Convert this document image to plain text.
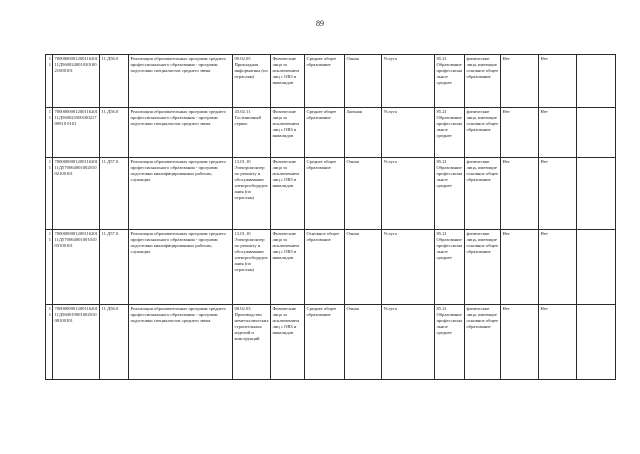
89
11	700000000120011620111Д56002400102010021000101	11.Д56.0	Реализация образовательных программ среднего профессионального образования - программ подготовки специалистов среднего звена	09.02.05 Прикладная информатика (по отраслям)	Физические лица за исключением лиц с ОВЗ и инвалидов	Среднее общее образование	Очная	Услуга	85.21 Образование профессиональное среднее	физические лица, имеющие основное общее образование	Нет	Нет	
11	700000000120011620111Д56002350010021700910 0101	11.Д56.0	Реализация образовательных программ среднего профессионального образования - программ подготовки специалистов среднего звена	43.02.11 Гостиничный сервис	Физические лица за исключением лиц с ОВЗ и инвалидов	Среднее общее образование	Заочная	Услуга	85.21 Образование профессиональное среднее	физические лица, имеющие основное общее образование	Нет	Нет	
11	700000000120011620111Д57006400100201002100101	11.Д57.0	Реализация образовательных программ среднего профессионального образования - программ подготовки квалифицированных рабочих, служащих	13.01.10 Электромонтер по ремонту и обслуживанию электрооборудования (по отраслям)	Физические лица за исключением лиц с ОВЗ и инвалидов	Среднее общее образование	Очная	Услуга	85.21 Образование профессиональное среднее	физические лица, имеющие основное общее образование	Нет	Нет	
11	700000000120011620111Д57006400100101003100101	11.Д57.0	Реализация образовательных программ среднего профессионального образования - программ подготовки квалифицированных рабочих, служащих	13.01.10 Электромонтер по ремонту и обслуживанию электрооборудования (по отраслям)	Физические лица за исключением лиц с ОВЗ и инвалидов	Основное общее образование	Очная	Услуга	85.21 Образование профессиональное среднее	физические лица, имеющие основное общее образование	Нет	Нет	
11	700000000120011620111Д56001900100201008100101	11.Д56.0	Реализация образовательных программ среднего профессионального образования - программ подготовки специалистов среднего звена	08.02.03 Производство неметаллических строительных изделий и конструкций	Физические лица за исключением лиц с ОВЗ и инвалидов	Среднее общее образование	Очная	Услуга	85.21 Образование профессиональное среднее	физические лица, имеющие основное общее образование	Нет	Нет	
